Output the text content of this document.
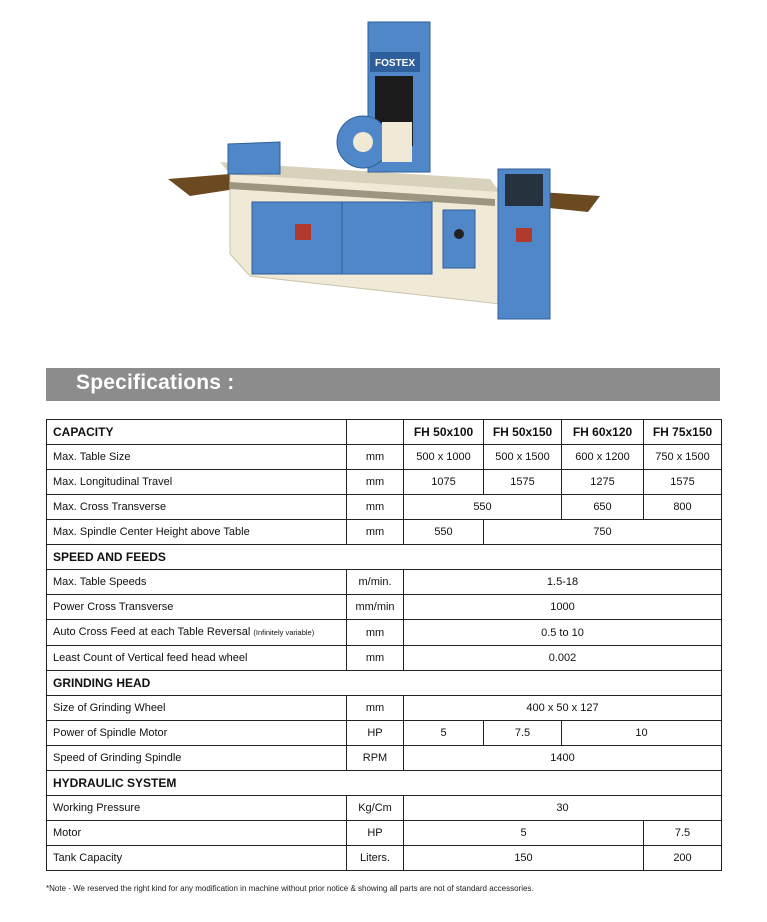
FOSTEX
Specifications :
CAPACITY		FH 50x100	FH 50x150	FH 60x120	FH 75x150
Max. Table Size	mm	500 x 1000	500 x 1500	600 x 1200	750 x 1500
Max. Longitudinal Travel	mm	1075	1575	1275	1575
Max. Cross Transverse	mm	550		650	800
Max. Spindle Center Height above Table	mm	550	750		
SPEED AND FEEDS					
Max. Table Speeds	m/min.	1.5-18			
Power Cross Transverse	mm/min	1000			
Auto Cross Feed at each Table Reversal (Infinitely variable)	mm	0.5 to 10			
Least Count of Vertical feed head wheel	mm	0.002			
GRINDING HEAD					
Size of Grinding Wheel	mm	400 x 50 x 127			
Power of Spindle Motor	HP	5	7.5	10	
Speed of Grinding Spindle	RPM	1400			
HYDRAULIC SYSTEM					
Working Pressure	Kg/Cm	30			
Motor	HP	5			7.5
Tank Capacity	Liters.	150			200
*Note - We reserved the right kind for any modification in machine without prior notice & showing all parts are not of standard accessories.
